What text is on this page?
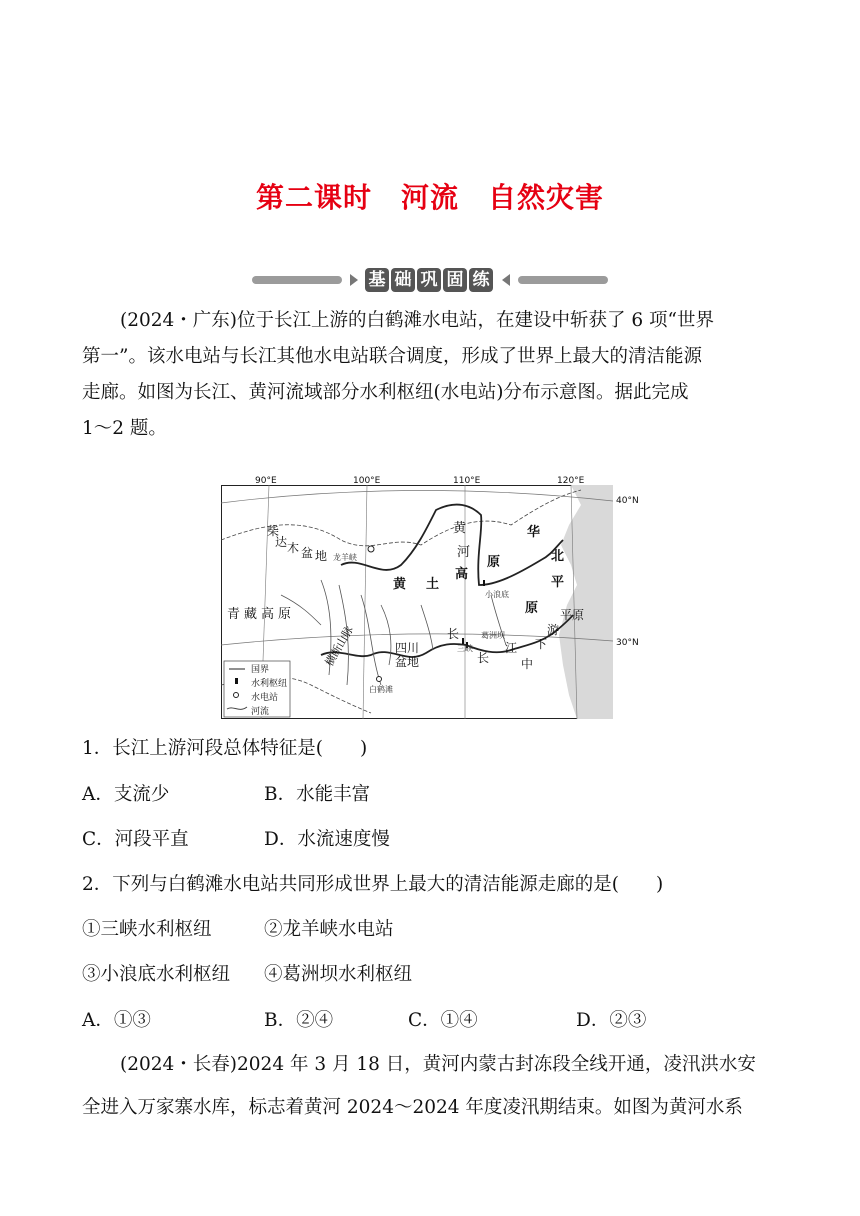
第二课时　河流　自然灾害
基 础 巩 固 练
(2024・广东)位于长江上游的白鹤滩水电站，在建设中斩获了 6 项“世界
第一”。该水电站与长江其他水电站联合调度，形成了世界上最大的清洁能源
走廊。如图为长江、黄河流域部分水利枢纽(水电站)分布示意图。据此完成
1～2 题。
90°E	100°E	110°E	120°E
40°N
30°N
柴
达 木 盆 地
青藏高原
黄 土
高
原
黄
河
华
北
平
原 平原
四川
盆地
横断山脉	长
长
江
中
下
游
龙羊峡
小浪底
葛洲坝
三峡
白鹤滩
国界
水利枢纽
水电站
河流
1．长江上游河段总体特征是(　　)
A．支流少	B．水能丰富
C．河段平直	D．水流速度慢
2．下列与白鹤滩水电站共同形成世界上最大的清洁能源走廊的是(　　)
①三峡水利枢纽	②龙羊峡水电站
③小浪底水利枢纽 ④葛洲坝水利枢纽
A．①③	B．②④	C．①④	D．②③
(2024・长春)2024 年 3 月 18 日，黄河内蒙古封冻段全线开通，凌汛洪水安
全进入万家寨水库，标志着黄河 2024～2024 年度凌汛期结束。如图为黄河水系
